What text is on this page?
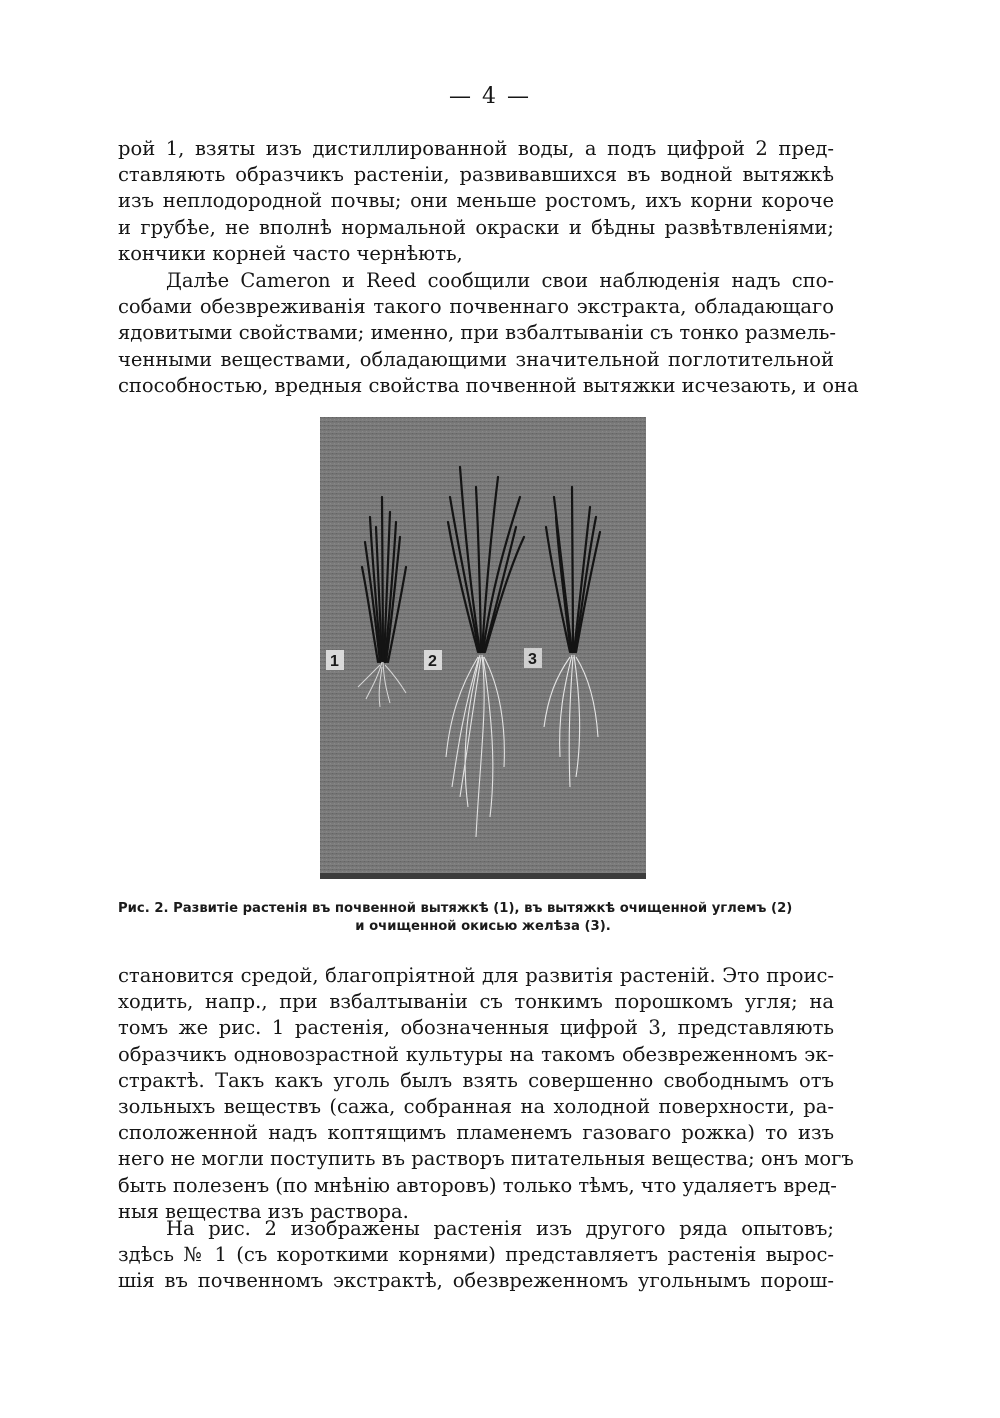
— 4 —
рой 1, взяты изъ дистиллированной воды, а подъ цифрой 2 пред-
ставляють образчикъ растеніи, развивавшихся въ водной вытяжкѣ
изъ неплодородной почвы; они меньше ростомъ, ихъ корни короче
и грубѣе, не вполнѣ нормальной окраски и бѣдны развѣтвленіями;
кончики корней часто чернѣють,
Далѣе Cameron и Reed сообщили свои наблюденія надъ спо-
собами обезвреживанія такого почвеннаго экстракта, обладающаго
ядовитыми свойствами; именно, при взбалтываніи съ тонко размель-
ченными веществами, обладающими значительной поглотительной
способностью, вредныя свойства почвенной вытяжки исчезають, и она
1	2	3
Рис. 2. Развитіе растенія въ почвенной вытяжкѣ (1), въ вытяжкѣ очищенной углемъ (2)
и очищенной окисью желѣза (3).
становится средой, благопріятной для развитія растеній. Это проис-
ходить, напр., при взбалтываніи съ тонкимъ порошкомъ угля; на
томъ же рис. 1 растенія, обозначенныя цифрой 3, представляють
образчикъ одновозрастной культуры на такомъ обезвреженномъ эк-
страктѣ. Такъ какъ уголь былъ взять совершенно свободнымъ отъ
зольныхъ веществъ (сажа, собранная на холодной поверхности, ра-
сположенной надъ коптящимъ пламенемъ газоваго рожка) то изъ
него не могли поступить въ растворъ питательныя вещества; онъ могъ
быть полезенъ (по мнѣнію авторовъ) только тѣмъ, что удаляетъ вред-
ныя вещества изъ раствора.
На рис. 2 изображены растенія изъ другого ряда опытовъ;
здѣсь № 1 (съ короткими корнями) представляетъ растенія вырос-
шія въ почвенномъ экстрактѣ, обезвреженномъ угольнымъ порош-
